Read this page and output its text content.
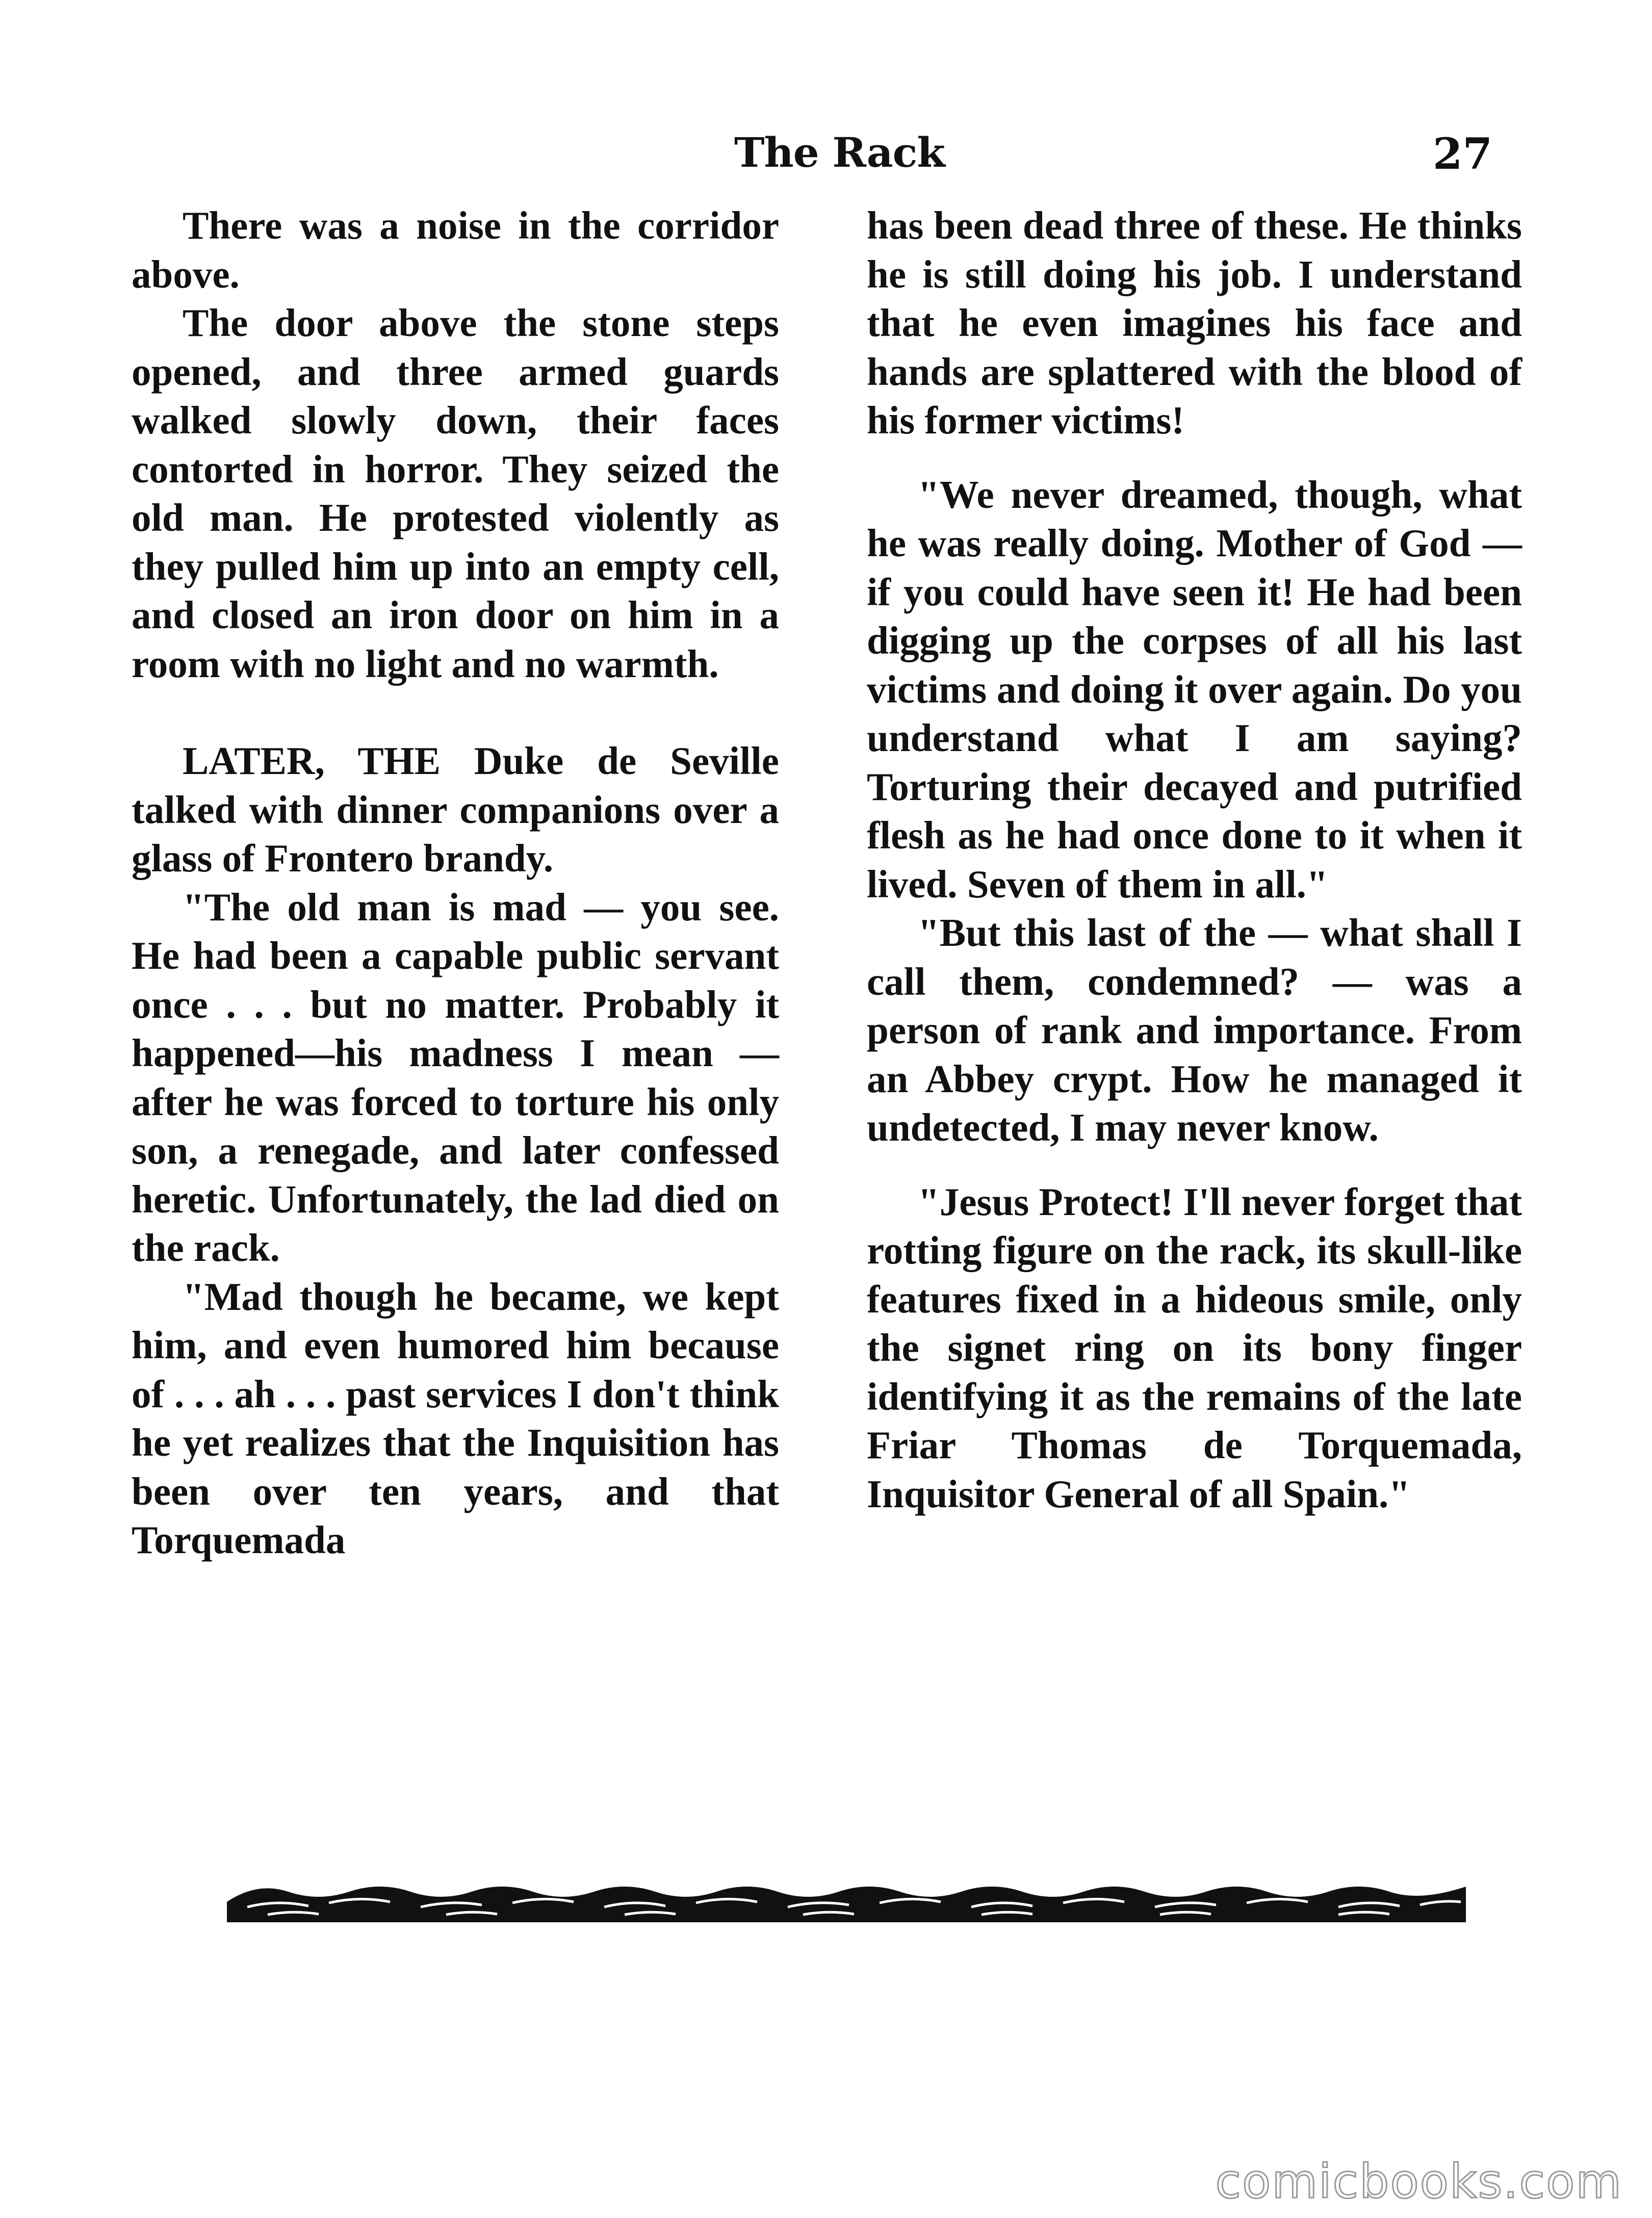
The Rack	27

There was a noise in the corridor above.

The door above the stone steps opened, and three armed guards walked slowly down, their faces contorted in horror. They seized the old man. He protested violently as they pulled him up into an empty cell, and closed an iron door on him in a room with no light and no warmth.

LATER, THE Duke de Seville talked with dinner companions over a glass of Frontero brandy.

"The old man is mad — you see. He had been a capable public servant once . . . but no matter. Probably it happened—his madness I mean — after he was forced to torture his only son, a renegade, and later confessed heretic. Unfortunately, the lad died on the rack.

"Mad though he became, we kept him, and even humored him because of . . . ah . . . past services I don't think he yet realizes that the Inquisition has been over ten years, and that Torquemada

has been dead three of these. He thinks he is still doing his job. I understand that he even imagines his face and hands are splattered with the blood of his former victims!

"We never dreamed, though, what he was really doing. Mother of God — if you could have seen it! He had been digging up the corpses of all his last victims and doing it over again. Do you understand what I am saying? Torturing their decayed and putrified flesh as he had once done to it when it lived. Seven of them in all."

"But this last of the — what shall I call them, condemned? — was a person of rank and importance. From an Abbey crypt. How he managed it undetected, I may never know.

"Jesus Protect! I'll never forget that rotting figure on the rack, its skull-like features fixed in a hideous smile, only the signet ring on its bony finger identifying it as the remains of the late Friar Thomas de Torquemada, Inquisitor General of all Spain."

comicbooks.com
